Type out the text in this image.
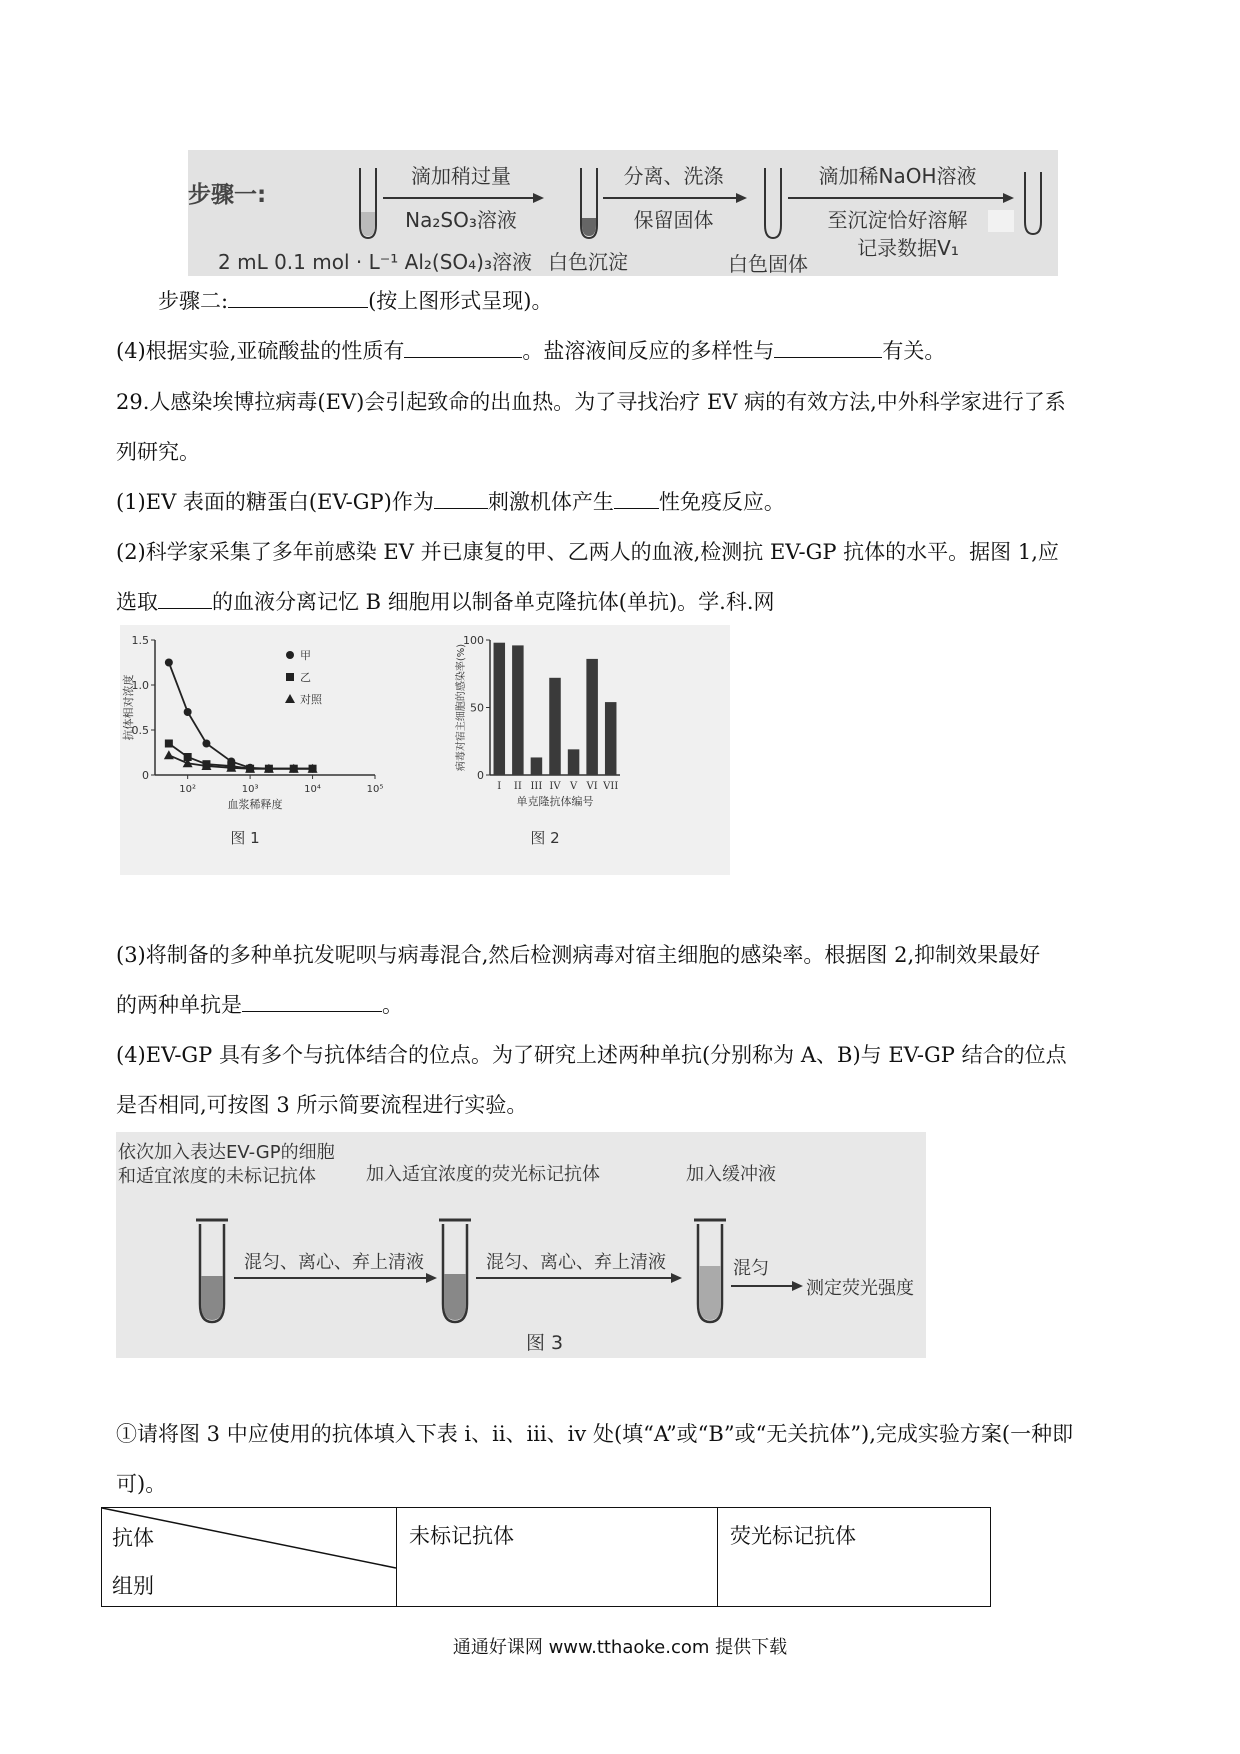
步骤一:
滴加稍过量
Na₂SO₃溶液
分离、洗涤
保留固体
滴加稀NaOH溶液
至沉淀恰好溶解
记录数据V₁
2 mL 0.1 mol · L⁻¹ Al₂(SO₄)₃溶液 白色沉淀	白色固体
步骤二:	(按上图形式呈现)。
(4)根据实验,亚硫酸盐的性质有	。盐溶液间反应的多样性与	有关。
29.人感染埃博拉病毒(EV)会引起致命的出血热。为了寻找治疗 EV 病的有效方法,中外科学家进行了系
列研究。
(1)EV 表面的糖蛋白(EV-GP)作为	刺激机体产生 性免疫反应。
(2)科学家采集了多年前感染 EV 并已康复的甲、乙两人的血液,检测抗 EV-GP 抗体的水平。据图 1,应
选取	的血液分离记忆 B 细胞用以制备单克隆抗体(单抗)。学.科.网
1.5
1.0
0.5
0
10²	10³	10⁴	10⁵
甲
乙
对照
抗体相对浓度
血浆稀释度
图 1
100
50
0
I II III IV V VI VII
病毒对宿主细胞的感染率(%)
单克隆抗体编号
图 2
(3)将制备的多种单抗发呢呗与病毒混合,然后检测病毒对宿主细胞的感染率。根据图 2,抑制效果最好
的两种单抗是	。
(4)EV-GP 具有多个与抗体结合的位点。为了研究上述两种单抗(分别称为 A、B)与 EV-GP 结合的位点
是否相同,可按图 3 所示简要流程进行实验。
依次加入表达EV-GP的细胞
和适宜浓度的未标记抗体	加入适宜浓度的荧光标记抗体	加入缓冲液
混匀、离心、弃上清液	混匀、离心、弃上清液	混匀
测定荧光强度
图 3
①请将图 3 中应使用的抗体填入下表 i、ii、iii、iv 处(填“A”或“B”或“无关抗体”),完成实验方案(一种即
可)。
抗体
组别
	未标记抗体	荧光标记抗体
通通好课网 www.tthaoke.com 提供下载
